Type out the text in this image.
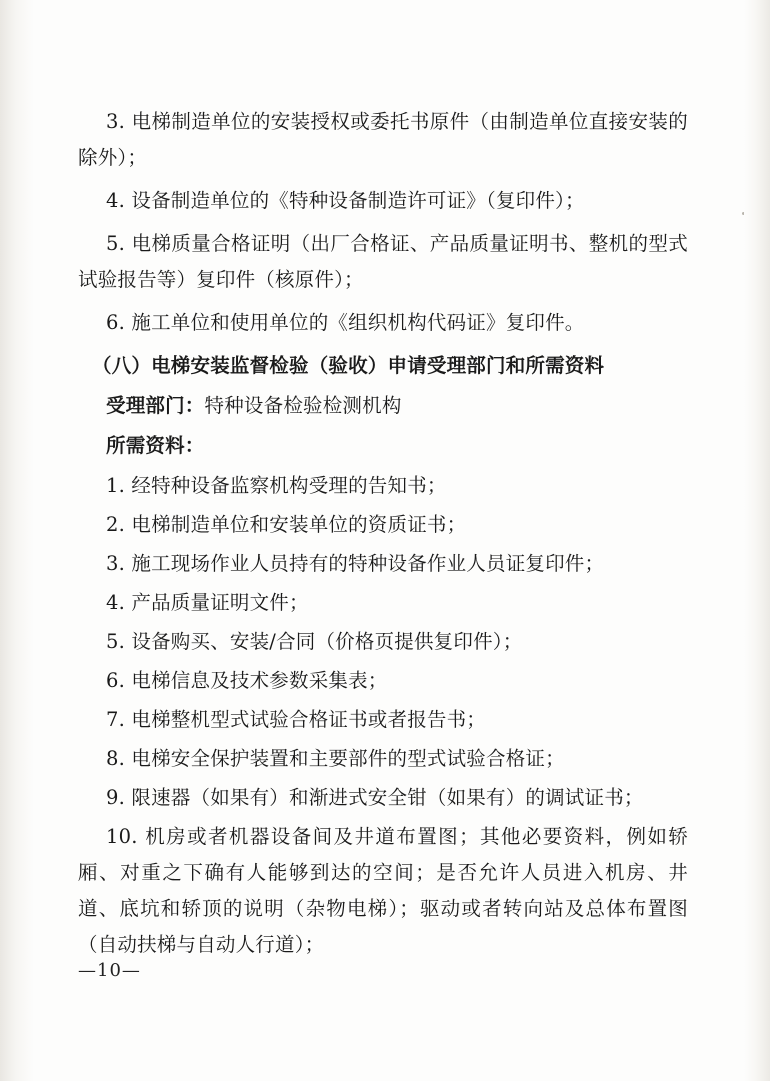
3. 电梯制造单位的安装授权或委托书原件（由制造单位直接安装的除外）；

4. 设备制造单位的《特种设备制造许可证》（复印件）；

5. 电梯质量合格证明（出厂合格证、产品质量证明书、整机的型式试验报告等）复印件（核原件）；

6. 施工单位和使用单位的《组织机构代码证》复印件。

（八）电梯安装监督检验（验收）申请受理部门和所需资料

受理部门：特种设备检验检测机构

所需资料：

1. 经特种设备监察机构受理的告知书；

2. 电梯制造单位和安装单位的资质证书；

3. 施工现场作业人员持有的特种设备作业人员证复印件；

4. 产品质量证明文件；

5. 设备购买、安装/合同（价格页提供复印件）；

6. 电梯信息及技术参数采集表；

7. 电梯整机型式试验合格证书或者报告书；

8. 电梯安全保护装置和主要部件的型式试验合格证；

9. 限速器（如果有）和渐进式安全钳（如果有）的调试证书；

10. 机房或者机器设备间及井道布置图；其他必要资料，例如轿厢、对重之下确有人能够到达的空间；是否允许人员进入机房、井道、底坑和轿顶的说明（杂物电梯）；驱动或者转向站及总体布置图（自动扶梯与自动人行道）；

—10—
